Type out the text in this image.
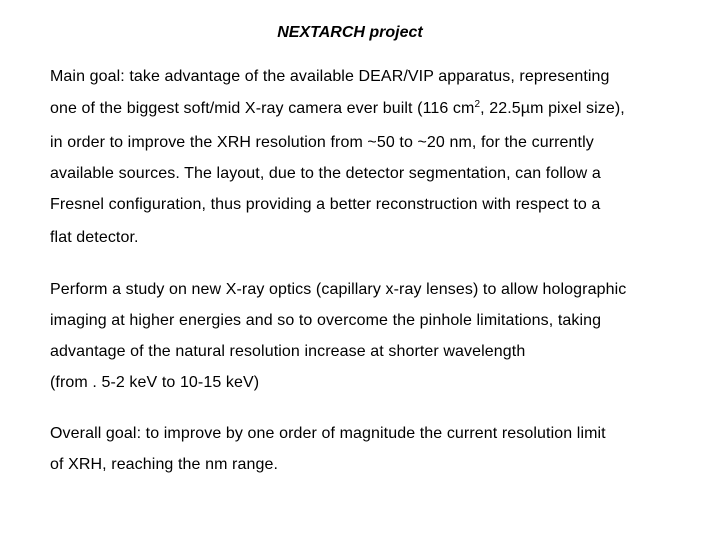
NEXTARCH project
Main goal: take advantage of the available DEAR/VIP apparatus, representing
one of the biggest soft/mid X-ray camera ever built (116 $cm^2$, 22.5µm pixel size),
in order to improve the XRH resolution from ~50 to ~20 nm, for the currently
available sources. The layout, due to the detector segmentation, can follow a
Fresnel configuration, thus providing a better reconstruction with respect to a
flat detector.
Perform a study on new X-ray optics (capillary x-ray lenses) to allow holographic
imaging at higher energies and so to overcome the pinhole limitations, taking
advantage of the natural resolution increase at shorter wavelength
(from . 5-2 keV to 10-15 keV)
Overall goal: to improve by one order of magnitude the current resolution limit
of XRH, reaching the nm range.
